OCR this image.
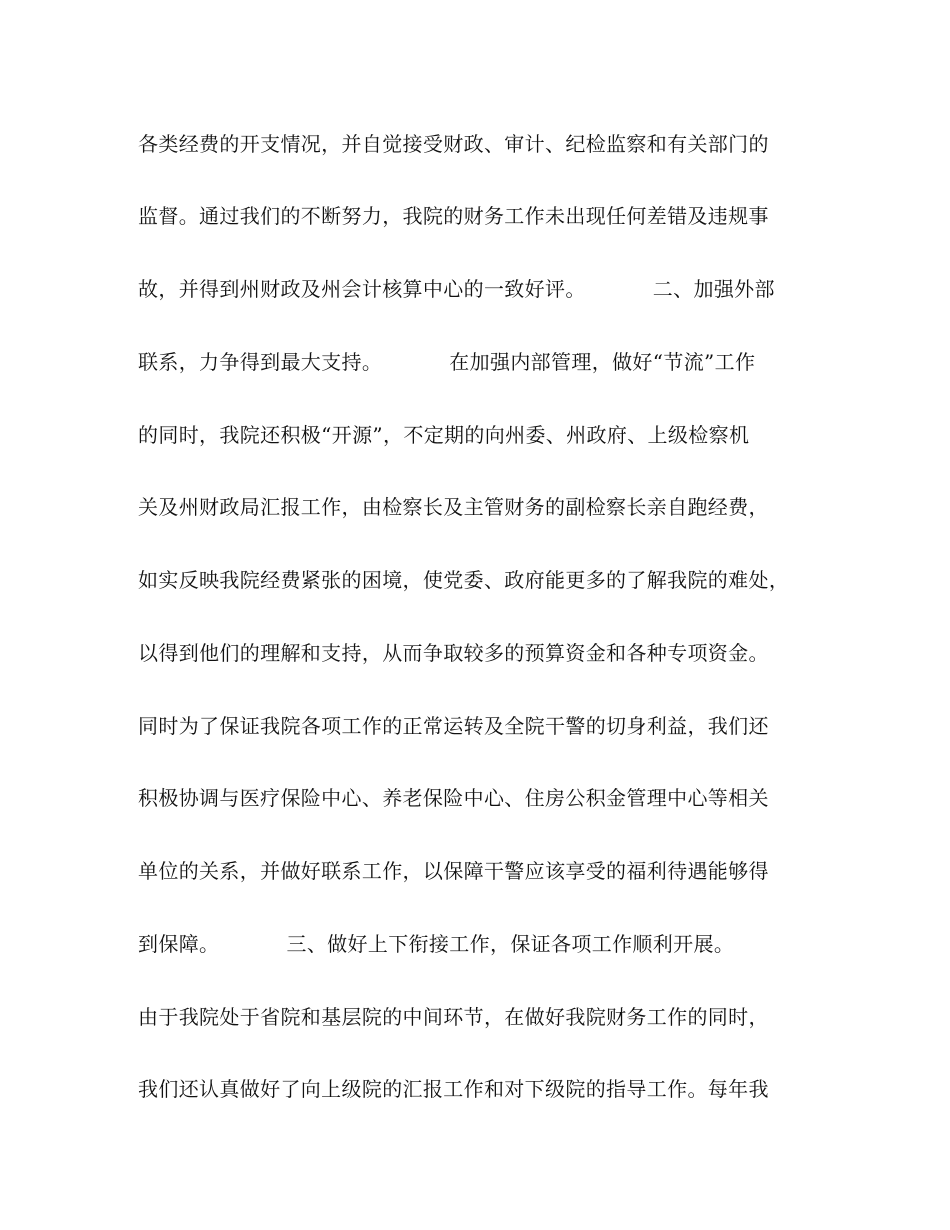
各类经费的开支情况，并自觉接受财政、审计、纪检监察和有关部门的
监督。通过我们的不断努力，我院的财务工作未出现任何差错及违规事
故，并得到州财政及州会计核算中心的一致好评。          二、加强外部
联系，力争得到最大支持。          在加强内部管理，做好“节流”工作
的同时，我院还积极“开源”，不定期的向州委、州政府、上级检察机
关及州财政局汇报工作，由检察长及主管财务的副检察长亲自跑经费，
如实反映我院经费紧张的困境，使党委、政府能更多的了解我院的难处，
以得到他们的理解和支持，从而争取较多的预算资金和各种专项资金。
同时为了保证我院各项工作的正常运转及全院干警的切身利益，我们还
积极协调与医疗保险中心、养老保险中心、住房公积金管理中心等相关
单位的关系，并做好联系工作，以保障干警应该享受的福利待遇能够得
到保障。          三、做好上下衔接工作，保证各项工作顺利开展。
由于我院处于省院和基层院的中间环节，在做好我院财务工作的同时，
我们还认真做好了向上级院的汇报工作和对下级院的指导工作。每年我
